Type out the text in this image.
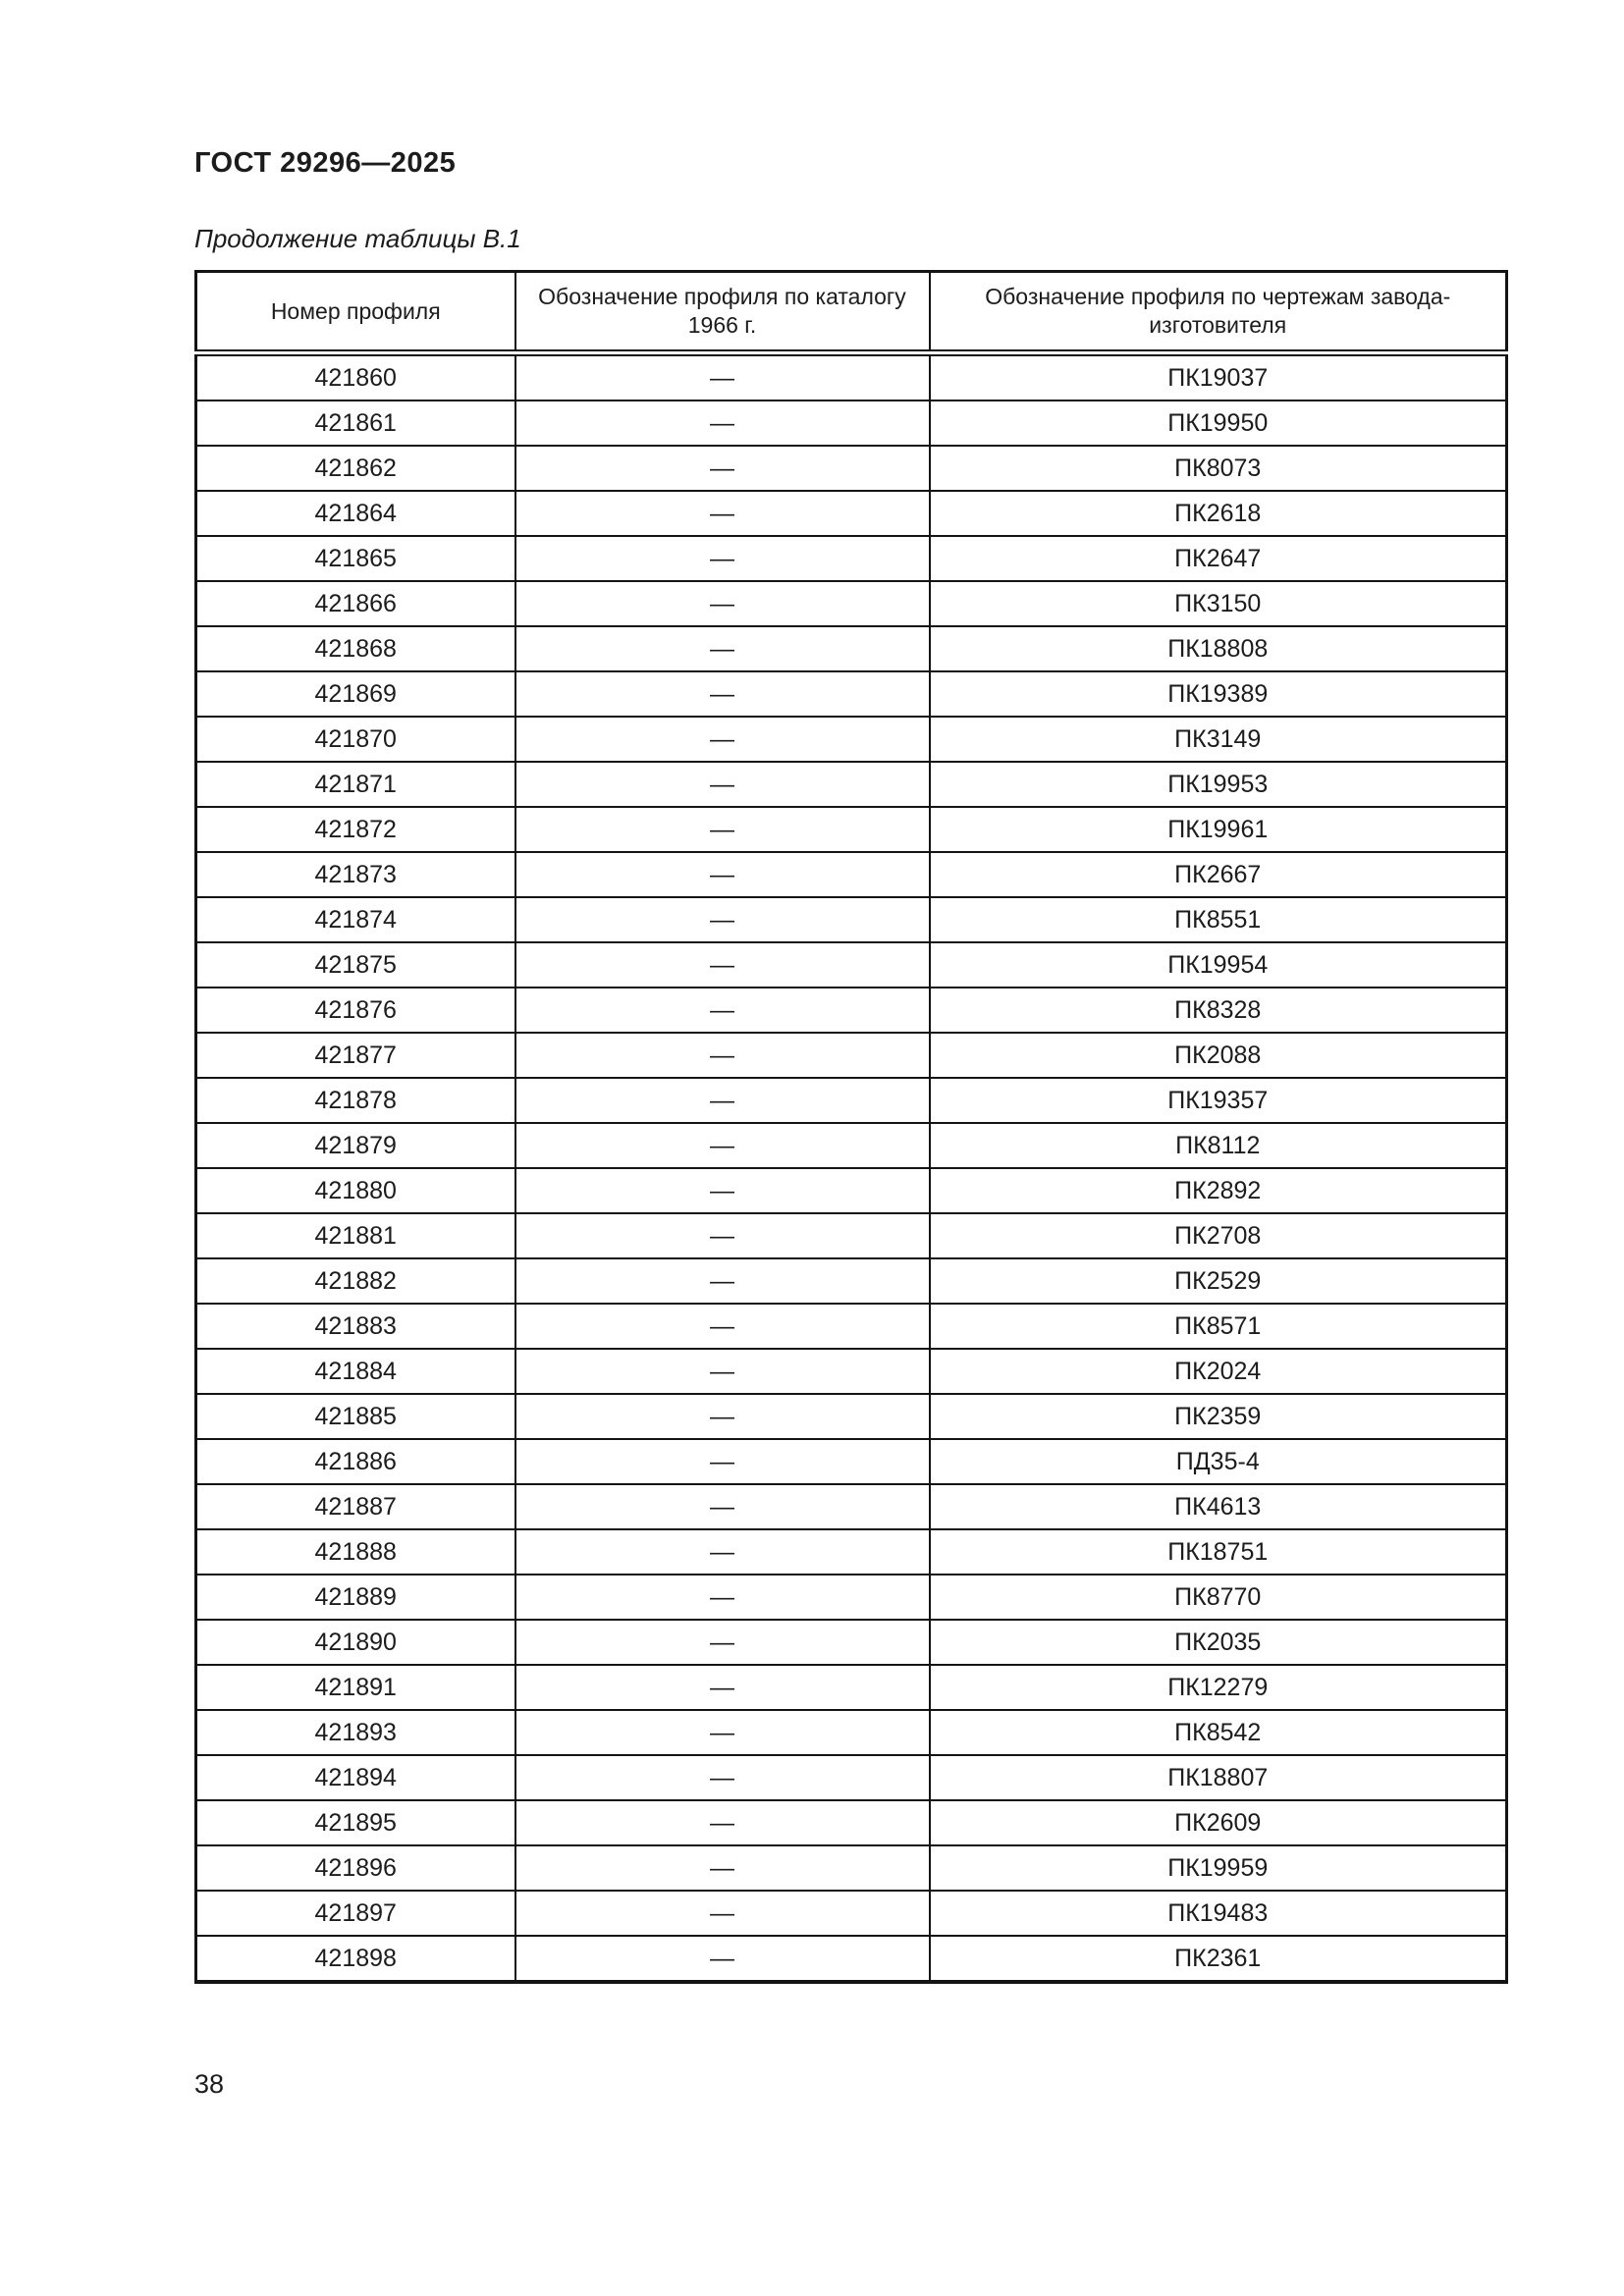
ГОСТ 29296—2025
Продолжение таблицы В.1
Номер профиля	Обозначение профиля по каталогу 1966 г.	Обозначение профиля по чертежам завода-изготовителя
421860	—	ПК19037
421861	—	ПК19950
421862	—	ПК8073
421864	—	ПК2618
421865	—	ПК2647
421866	—	ПК3150
421868	—	ПК18808
421869	—	ПК19389
421870	—	ПК3149
421871	—	ПК19953
421872	—	ПК19961
421873	—	ПК2667
421874	—	ПК8551
421875	—	ПК19954
421876	—	ПК8328
421877	—	ПК2088
421878	—	ПК19357
421879	—	ПК8112
421880	—	ПК2892
421881	—	ПК2708
421882	—	ПК2529
421883	—	ПК8571
421884	—	ПК2024
421885	—	ПК2359
421886	—	ПД35-4
421887	—	ПК4613
421888	—	ПК18751
421889	—	ПК8770
421890	—	ПК2035
421891	—	ПК12279
421893	—	ПК8542
421894	—	ПК18807
421895	—	ПК2609
421896	—	ПК19959
421897	—	ПК19483
421898	—	ПК2361
38
